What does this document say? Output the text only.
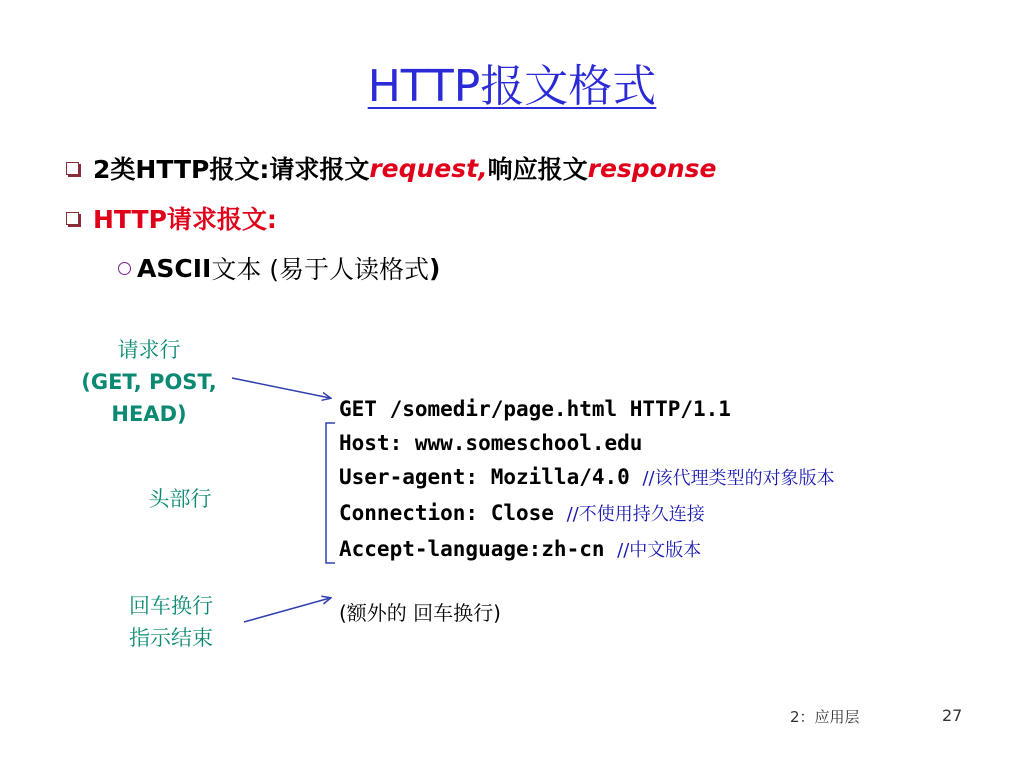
HTTP报文格式
2类HTTP报文:请求报文 request, 响应报文 response
HTTP请求报文:
ASCII 文本 ( 易于人读格式 )
请求行
(GET, POST,
HEAD)
头部行
回车换行
指示结束
GET /somedir/page.html HTTP/1.1
Host: www.someschool.edu
User-agent: Mozilla/4.0 //该代理类型的对象版本
Connection: Close //不使用持久连接
Accept-language:zh-cn //中文版本
(额外的 回车换行)
2：应用层	27
